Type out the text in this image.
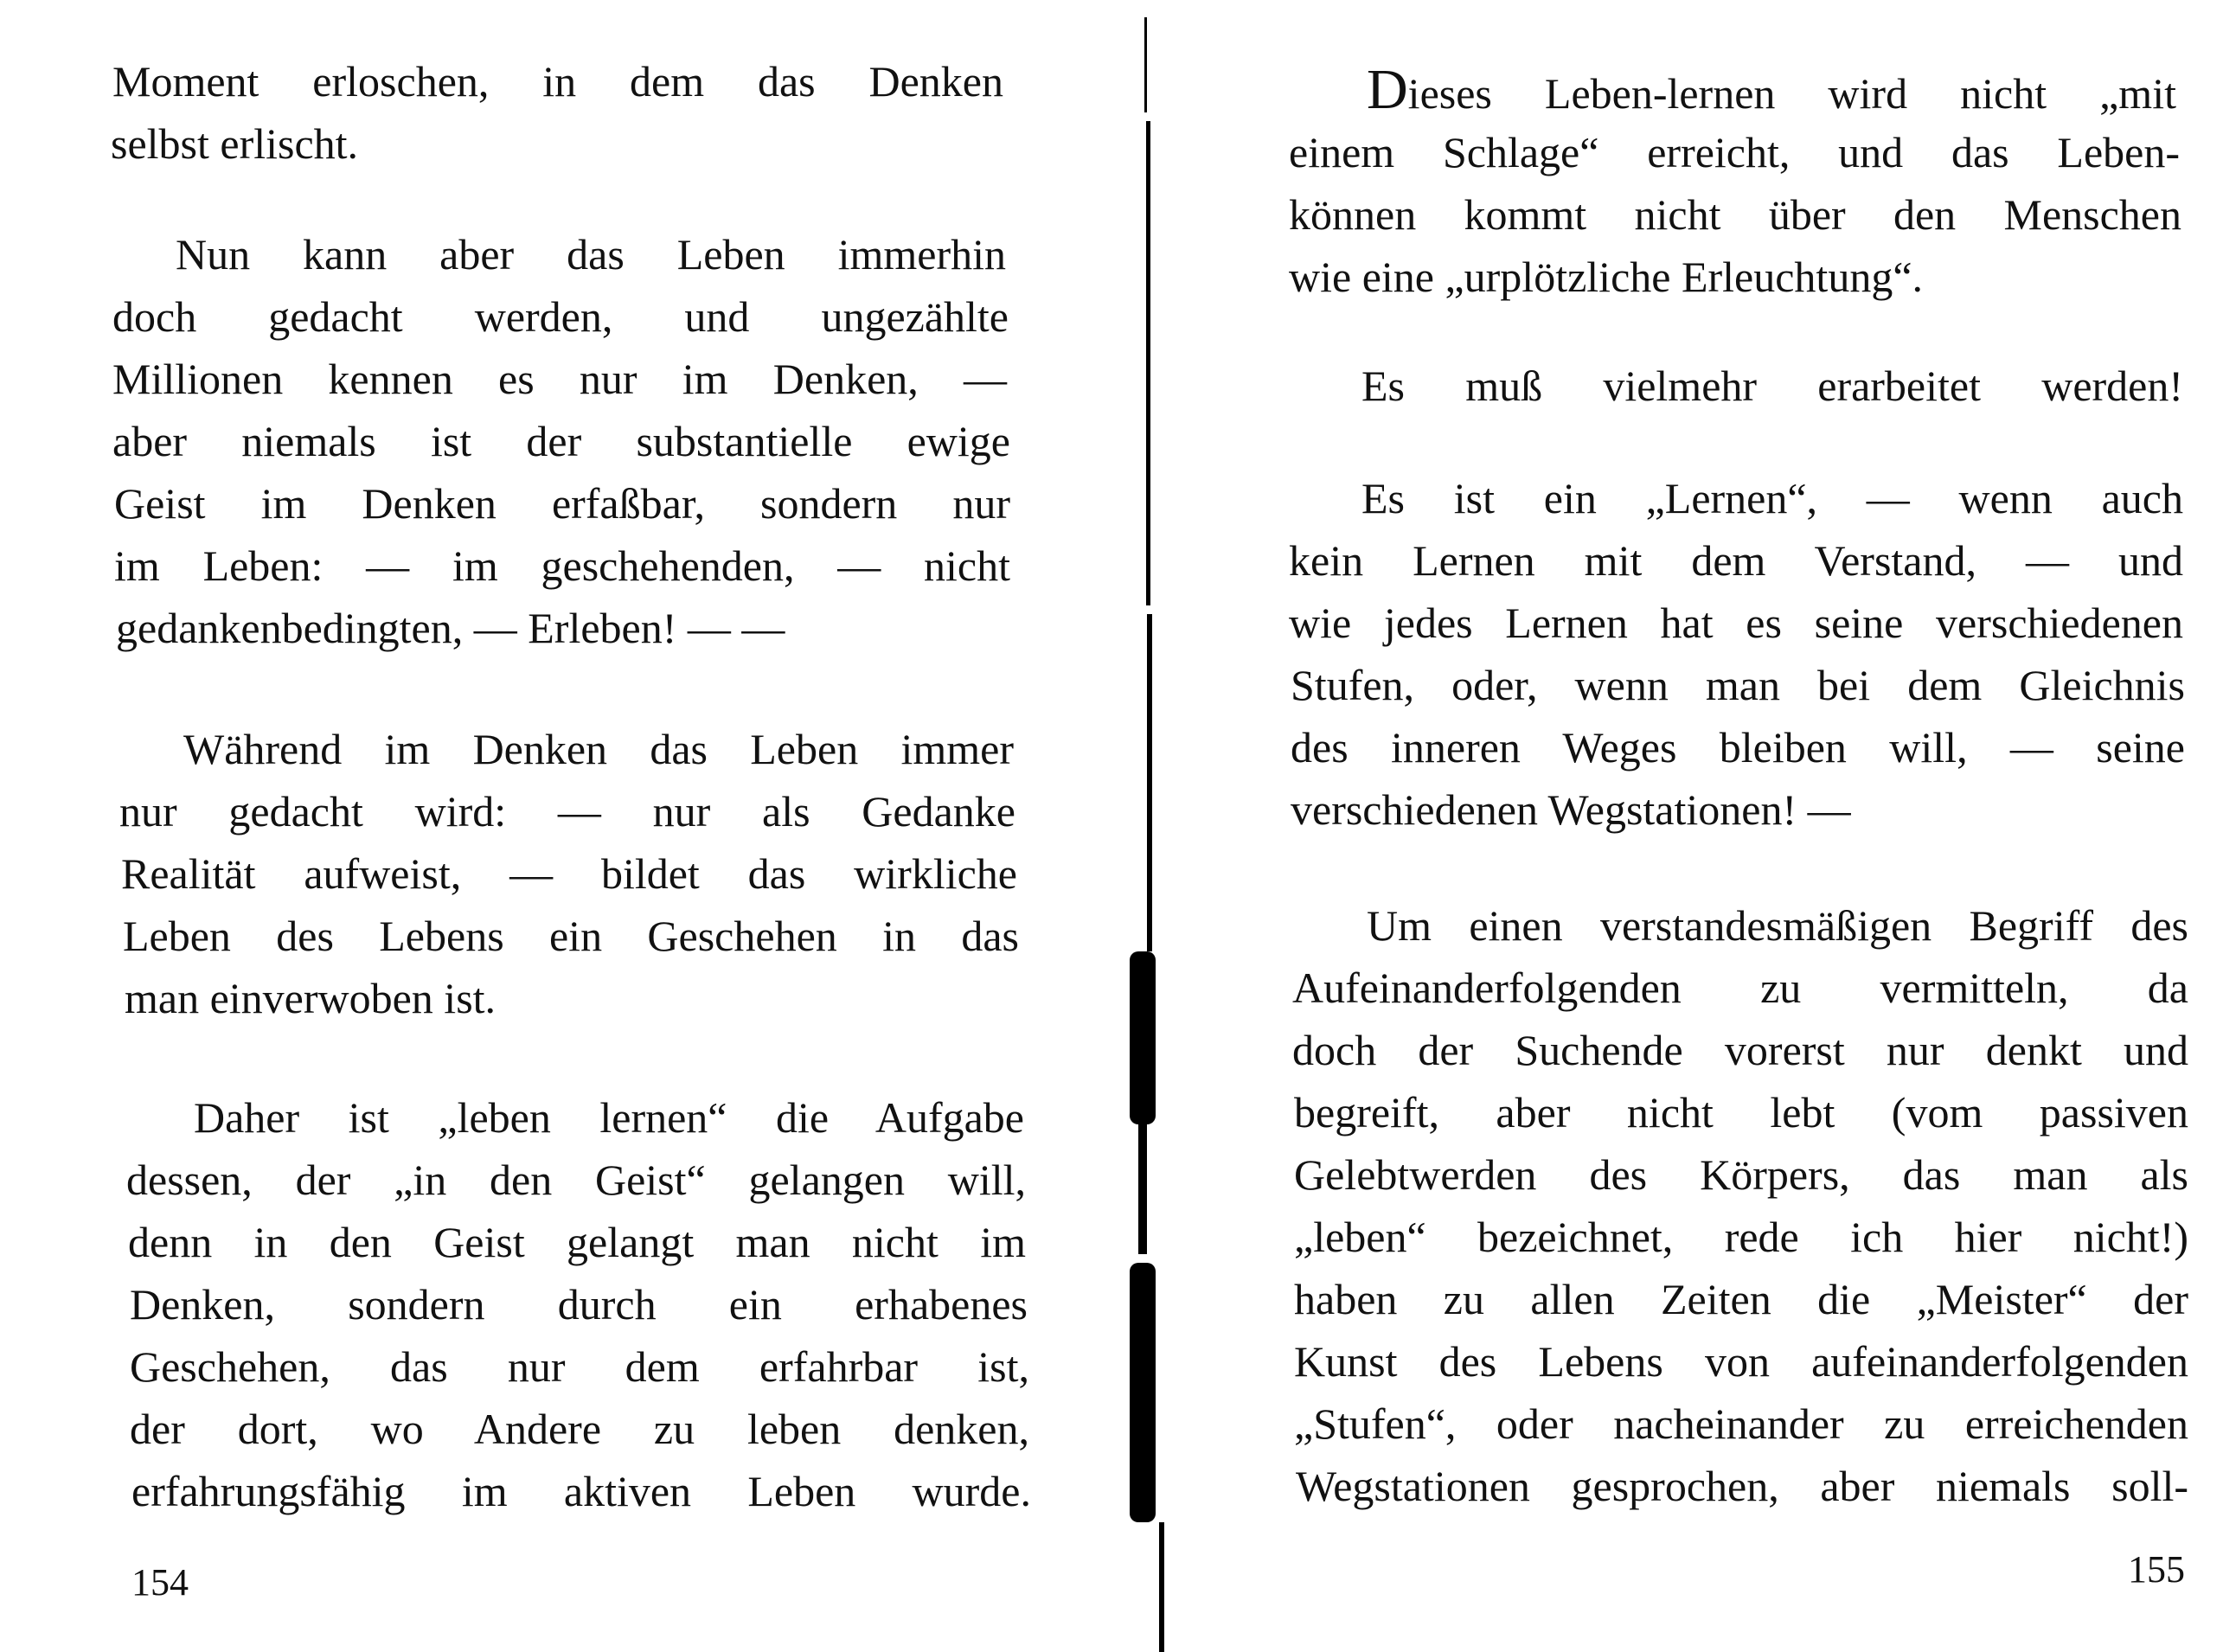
Moment erloschen, in dem das Denken
selbst erlischt.
Nun kann aber das Leben immerhin
doch gedacht werden, und ungezählte
Millionen kennen es nur im Denken, —
aber niemals ist der substantielle ewige
Geist im Denken erfaßbar, sondern nur
im Leben: — im geschehenden, — nicht
gedankenbedingten, — Erleben! — —
Während im Denken das Leben immer
nur gedacht wird: — nur als Gedanke
Realität aufweist, — bildet das wirkliche
Leben des Lebens ein Geschehen in das
man einverwoben ist.
Daher ist „leben lernen“ die Aufgabe
dessen, der „in den Geist“ gelangen will,
denn in den Geist gelangt man nicht im
Denken, sondern durch ein erhabenes
Geschehen, das nur dem erfahrbar ist,
der dort, wo Andere zu leben denken,
erfahrungsfähig im aktiven Leben wurde.
154
Dieses Leben-lernen wird nicht „mit
einem Schlage“ erreicht, und das Leben-
können kommt nicht über den Menschen
wie eine „urplötzliche Erleuchtung“.
Es muß vielmehr erarbeitet werden!
Es ist ein „Lernen“, — wenn auch
kein Lernen mit dem Verstand, — und
wie jedes Lernen hat es seine verschiedenen
Stufen, oder, wenn man bei dem Gleichnis
des inneren Weges bleiben will, — seine
verschiedenen Wegstationen! —
Um einen verstandesmäßigen Begriff des
Aufeinanderfolgenden zu vermitteln, da
doch der Suchende vorerst nur denkt und
begreift, aber nicht lebt (vom passiven
Gelebtwerden des Körpers, das man als
„leben“ bezeichnet, rede ich hier nicht!)
haben zu allen Zeiten die „Meister“ der
Kunst des Lebens von aufeinanderfolgenden
„Stufen“, oder nacheinander zu erreichenden
Wegstationen gesprochen, aber niemals soll-
155
